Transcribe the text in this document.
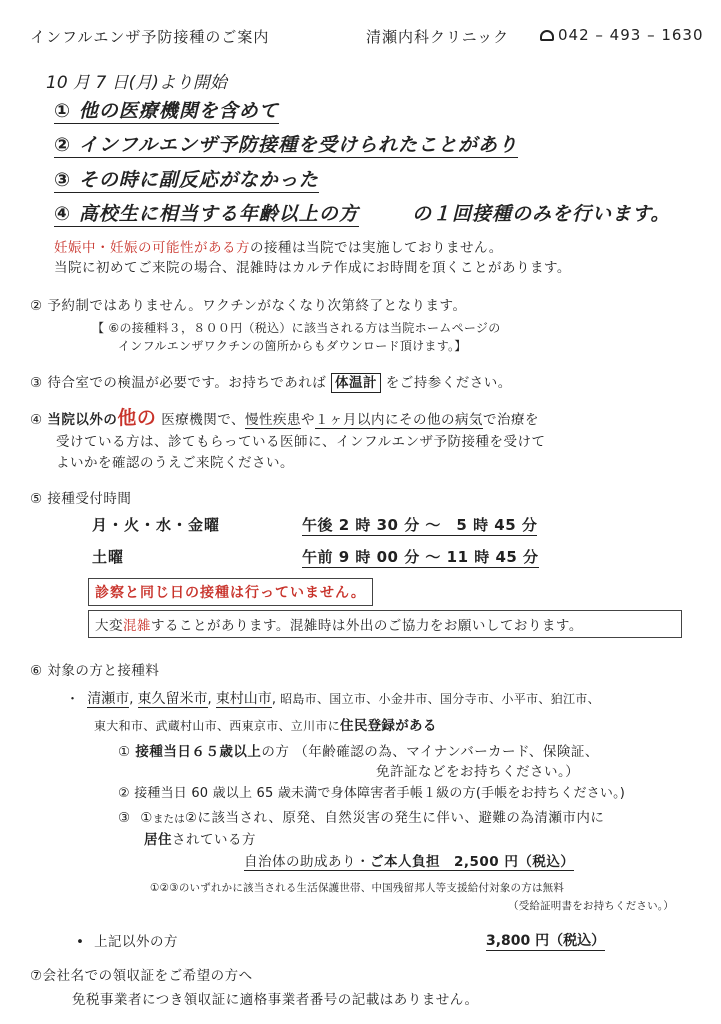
インフルエンザ予防接種のご案内	清瀬内科クリニック	042 – 493 – 1630
10 月 7 日(月)より開始
① 他の医療機関を含めて
② インフルエンザ予防接種を受けられたことがあり
③ その時に副反応がなかった
④ 高校生に相当する年齢以上の方	の１回接種のみを行います。
妊娠中・妊娠の可能性がある方の接種は当院では実施しておりません。
当院に初めてご来院の場合、混雑時はカルテ作成にお時間を頂くことがあります。
② 予約制ではありません。ワクチンがなくなり次第終了となります。
【 ⑥の接種料３，８００円（税込）に該当される方は当院ホームページの
インフルエンザワクチンの箇所からもダウンロード頂けます。】
③ 待合室での検温が必要です。お持ちであれば 体温計 をご持参ください。
④ 当院以外の他の 医療機関で、慢性疾患や１ヶ月以内にその他の病気で治療を
受けている方は、診てもらっている医師に、インフルエンザ予防接種を受けて
よいかを確認のうえご来院ください。
⑤ 接種受付時間
月・火・水・金曜	午後 2 時 30 分 ～　5 時 45 分
土曜	午前 9 時 00 分 ～ 11 時 45 分
診察と同じ日の接種は行っていません。
大変混雑することがあります。混雑時は外出のご協力をお願いしております。
⑥ 対象の方と接種料
・ 清瀬市, 東久留米市, 東村山市, 昭島市、国立市、小金井市、国分寺市、小平市、狛江市、
東大和市、武蔵村山市、西東京市、立川市に住民登録がある
① 接種当日６５歳以上の方 （年齢確認の為、マイナンバーカード、保険証、
免許証などをお持ちください。）
② 接種当日 60 歳以上 65 歳未満で身体障害者手帳１級の方(手帳をお持ちください。)
③ ①または②に該当され、原発、自然災害の発生に伴い、避難の為清瀬市内に
居住されている方
自治体の助成あり・ご本人負担　2,500 円（税込）
①②③のいずれかに該当される生活保護世帯、中国残留邦人等支援給付対象の方は無料
（受給証明書をお持ちください。）
• 上記以外の方	3,800 円（税込）
⑦会社名での領収証をご希望の方へ
免税事業者につき領収証に適格事業者番号の記載はありません。
